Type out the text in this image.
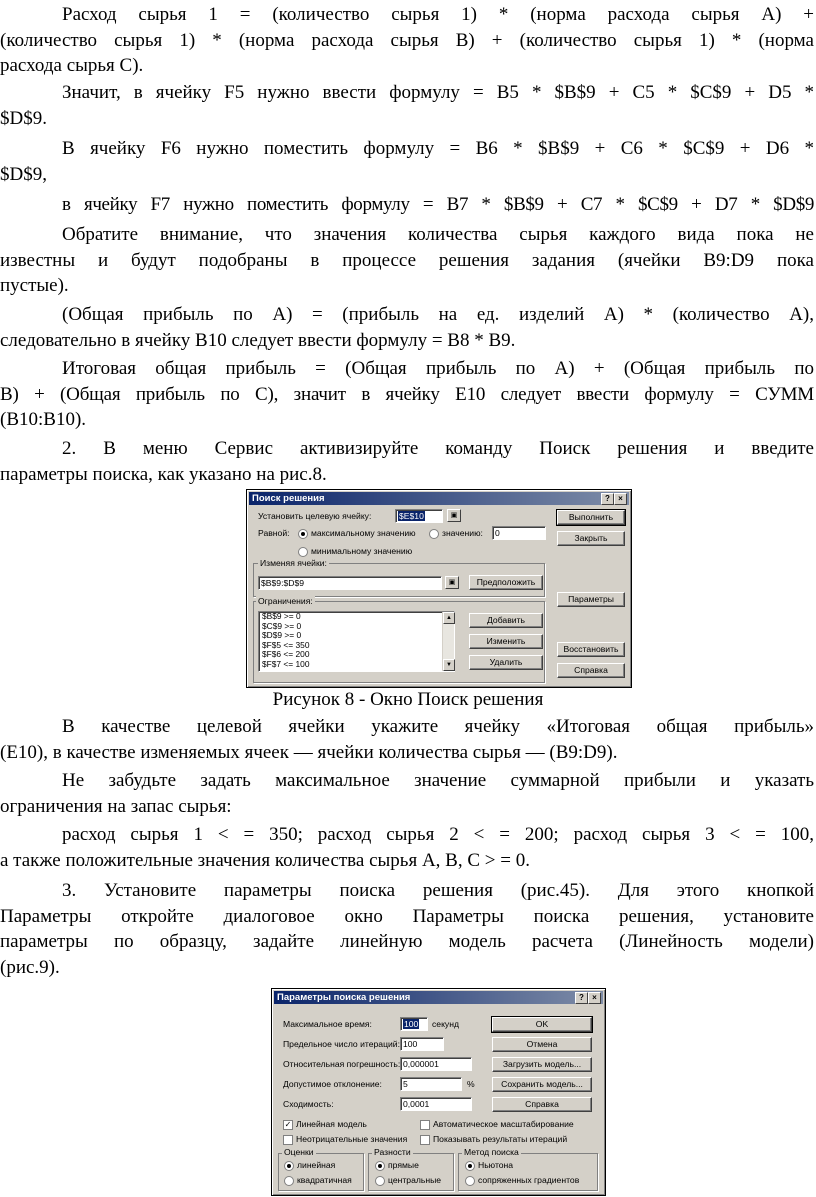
Расход сырья 1 = (количество сырья 1) * (норма расхода сырья A) +
(количество сырья 1) * (норма расхода сырья B) + (количество сырья 1) * (норма
расхода сырья C).
Значит, в ячейку F5 нужно ввести формулу = B5 * $B$9 + C5 * $C$9 + D5 *
$D$9.
В ячейку F6 нужно поместить формулу = B6 * $B$9 + C6 * $C$9 + D6 *
$D$9,
в ячейку F7 нужно поместить формулу = B7 * $B$9 + C7 * $C$9 + D7 * $D$9
Обратите внимание, что значения количества сырья каждого вида пока не
известны и будут подобраны в процессе решения задания (ячейки B9:D9 пока
пустые).
(Общая прибыль по A) = (прибыль на ед. изделий A) * (количество A),
следовательно в ячейку B10 следует ввести формулу = B8 * B9.
Итоговая общая прибыль = (Общая прибыль по A) + (Общая прибыль по
B) + (Общая прибыль по C), значит в ячейку E10 следует ввести формулу = СУММ
(B10:B10).
2. В меню Сервис активизируйте команду Поиск решения и введите
параметры поиска, как указано на рис.8.
Поиск решения	?	×
Установить целевую ячейку:	$E$10	▣
Равной: максимальному значению	значению:	0
минимальному значению
Изменяя ячейки:
$B$9:$D$9	▣	Предположить
Ограничения:
$B$9 >= 0
$C$9 >= 0
$D$9 >= 0
$F$5 <= 350
$F$6 <= 200
$F$7 <= 100
▲
▼
Добавить
Изменить
Удалить
Выполнить
Закрыть
Параметры
Восстановить
Справка
Рисунок 8 - Окно Поиск решения
В качестве целевой ячейки укажите ячейку «Итоговая общая прибыль»
(E10), в качестве изменяемых ячеек — ячейки количества сырья — (B9:D9).
Не забудьте задать максимальное значение суммарной прибыли и указать
ограничения на запас сырья:
расход сырья 1 < = 350; расход сырья 2 < = 200; расход сырья 3 < = 100,
а также положительные значения количества сырья A, B, C > = 0.
3. Установите параметры поиска решения (рис.45). Для этого кнопкой
Параметры откройте диалоговое окно Параметры поиска решения, установите
параметры по образцу, задайте линейную модель расчета (Линейность модели)
(рис.9).
Параметры поиска решения	?	×
Максимальное время:	100	секунд
Предельное число итераций: 100
Относительная погрешность: 0,000001
Допустимое отклонение:	5	%
Сходимость:	0,0001
OK
Отмена
Загрузить модель...
Сохранить модель...
Справка
✓ Линейная модель	Автоматическое масштабирование
Неотрицательные значения	Показывать результаты итераций
Оценки
линейная
квадратичная
Разности
прямые
центральные
Метод поиска
Ньютона
сопряженных градиентов
